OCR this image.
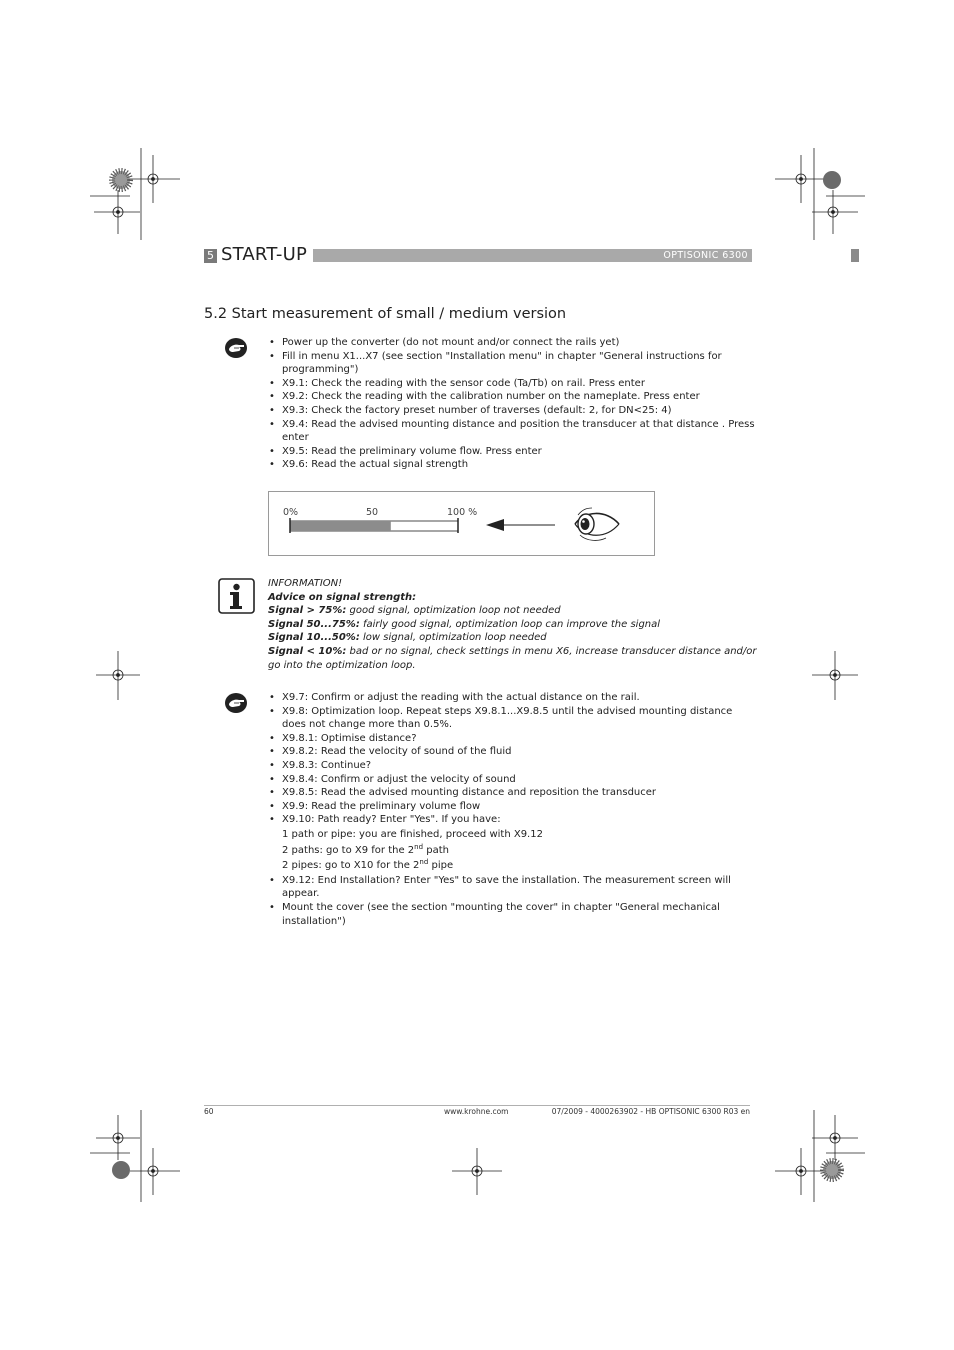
5 START-UP	OPTISONIC 6300
5.2 Start measurement of small / medium version
• Power up the converter (do not mount and/or connect the rails yet)
• Fill in menu X1...X7 (see section "Installation menu" in chapter "General instructions for programming")
• X9.1: Check the reading with the sensor code (Ta/Tb) on rail. Press enter
• X9.2: Check the reading with the calibration number on the nameplate. Press enter
• X9.3: Check the factory preset number of traverses (default: 2, for DN<25: 4)
• X9.4: Read the advised mounting distance and position the transducer at that distance . Press enter
• X9.5: Read the preliminary volume flow. Press enter
• X9.6: Read the actual signal strength
0%	50	100 %
INFORMATION!
Advice on signal strength:
Signal > 75%: good signal, optimization loop not needed
Signal 50...75%: fairly good signal, optimization loop can improve the signal
Signal 10...50%: low signal, optimization loop needed
Signal < 10%: bad or no signal, check settings in menu X6, increase transducer distance and/or go into the optimization loop.
• X9.7: Confirm or adjust the reading with the actual distance on the rail.
• X9.8: Optimization loop. Repeat steps X9.8.1...X9.8.5 until the advised mounting distance does not change more than 0.5%.
• X9.8.1: Optimise distance?
• X9.8.2: Read the velocity of sound of the fluid
• X9.8.3: Continue?
• X9.8.4: Confirm or adjust the velocity of sound
• X9.8.5: Read the advised mounting distance and reposition the transducer
• X9.9: Read the preliminary volume flow
• X9.10: Path ready? Enter "Yes". If you have:
1 path or pipe: you are finished, proceed with X9.12
2 paths: go to X9 for the 2nd path
2 pipes: go to X10 for the 2nd pipe
• X9.12: End Installation? Enter "Yes" to save the installation. The measurement screen will appear.
• Mount the cover (see the section "mounting the cover" in chapter "General mechanical installation")
60	www.krohne.com	07/2009 - 4000263902 - HB OPTISONIC 6300 R03 en
